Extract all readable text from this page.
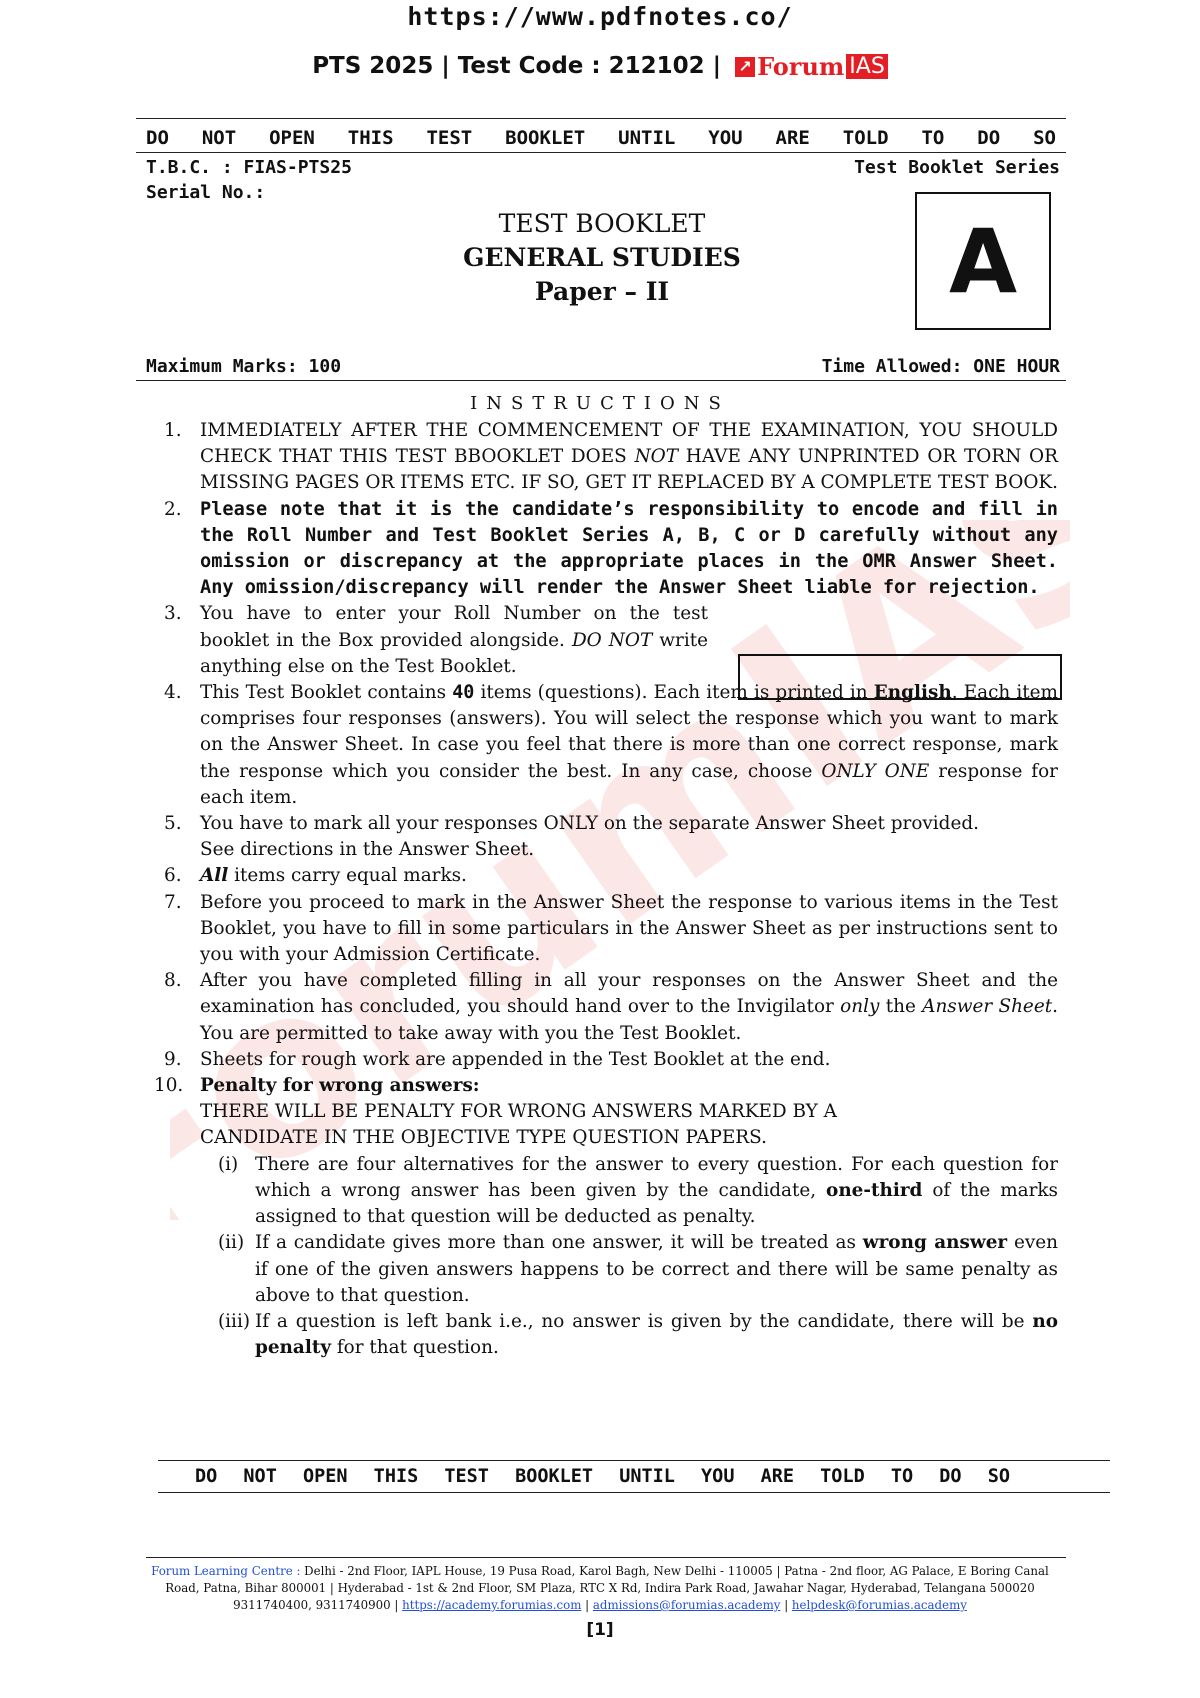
ForumIAS
https://www.pdfnotes.co/
PTS 2025 | Test Code : 212102 | ↗ Forum IAS
DO NOT OPEN THIS TEST BOOKLET UNTIL YOU ARE TOLD TO DO SO
T.B.C. : FIAS-PTS25
Serial No.:
Test Booklet Series
TEST BOOKLET
GENERAL STUDIES
Paper – II	A
Maximum Marks: 100	Time Allowed: ONE HOUR
INSTRUCTIONS
1. IMMEDIATELY AFTER THE COMMENCEMENT OF THE EXAMINATION, YOU SHOULD CHECK THAT THIS TEST BBOOKLET DOES NOT HAVE ANY UNPRINTED OR TORN OR MISSING PAGES OR ITEMS ETC. IF SO, GET IT REPLACED BY A COMPLETE TEST BOOK.
2. Please note that it is the candidate’s responsibility to encode and fill in the Roll Number and Test Booklet Series A, B, C or D carefully without any omission or discrepancy at the appropriate places in the OMR Answer Sheet. Any omission/discrepancy will render the Answer Sheet liable for rejection.
3. You have to enter your Roll Number on the test booklet in the Box provided alongside. DO NOT write anything else on the Test Booklet.
4. This Test Booklet contains 40 items (questions). Each item is printed in English. Each item comprises four responses (answers). You will select the response which you want to mark on the Answer Sheet. In case you feel that there is more than one correct response, mark the response which you consider the best. In any case, choose ONLY ONE response for each item.
5. You have to mark all your responses ONLY on the separate Answer Sheet provided.
See directions in the Answer Sheet.
6. All items carry equal marks.
7. Before you proceed to mark in the Answer Sheet the response to various items in the Test Booklet, you have to fill in some particulars in the Answer Sheet as per instructions sent to you with your Admission Certificate.
8. After you have completed filling in all your responses on the Answer Sheet and the examination has concluded, you should hand over to the Invigilator only the Answer Sheet. You are permitted to take away with you the Test Booklet.
9. Sheets for rough work are appended in the Test Booklet at the end.
10. Penalty for wrong answers:

THERE WILL BE PENALTY FOR WRONG ANSWERS MARKED BY A CANDIDATE IN THE OBJECTIVE TYPE QUESTION PAPERS.
(i) There are four alternatives for the answer to every question. For each question for which a wrong answer has been given by the candidate, one-third of the marks assigned to that question will be deducted as penalty.
(ii) If a candidate gives more than one answer, it will be treated as wrong answer even if one of the given answers happens to be correct and there will be same penalty as above to that question.
(iii) If a question is left bank i.e., no answer is given by the candidate, there will be no penalty for that question.
DO NOT OPEN THIS TEST BOOKLET UNTIL YOU ARE TOLD TO DO SO
Forum Learning Centre : Delhi - 2nd Floor, IAPL House, 19 Pusa Road, Karol Bagh, New Delhi - 110005 | Patna - 2nd floor, AG Palace, E Boring Canal
Road, Patna, Bihar 800001 | Hyderabad - 1st & 2nd Floor, SM Plaza, RTC X Rd, Indira Park Road, Jawahar Nagar, Hyderabad, Telangana 500020
9311740400, 9311740900 | https://academy.forumias.com | admissions@forumias.academy | helpdesk@forumias.academy
[1]
